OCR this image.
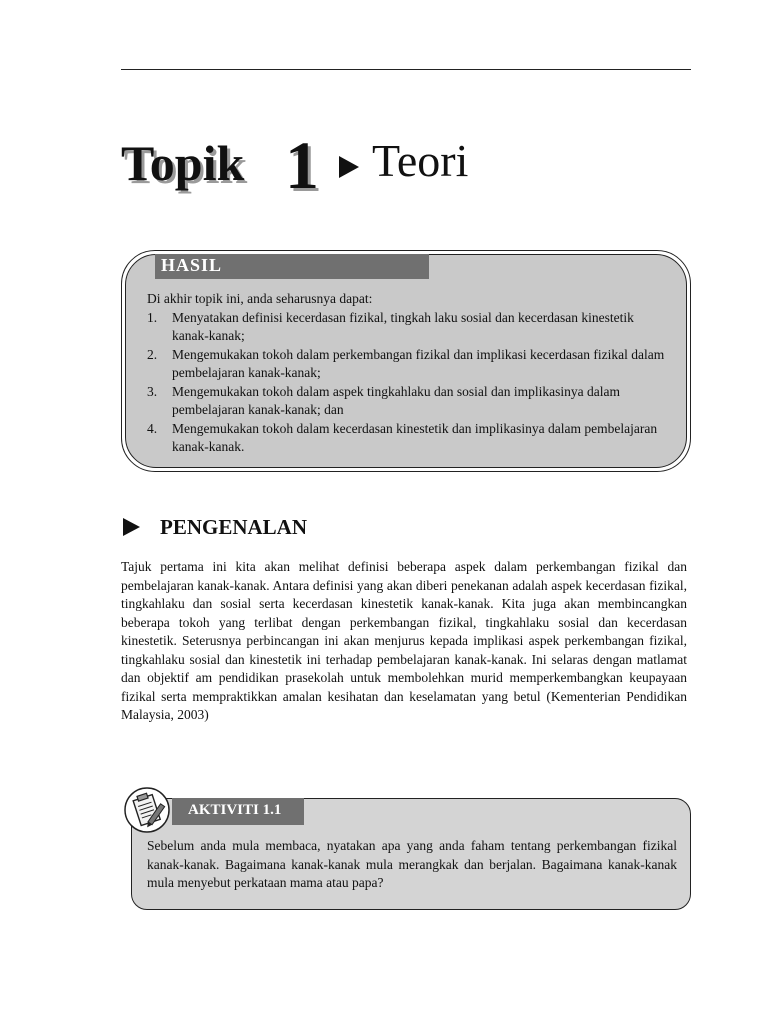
Topik 1 Teori
HASIL

Di akhir topik ini, anda seharusnya dapat:

1. Menyatakan definisi kecerdasan fizikal, tingkah laku sosial dan kecerdasan kinestetik kanak-kanak;
2. Mengemukakan tokoh dalam perkembangan fizikal dan implikasi kecerdasan fizikal dalam pembelajaran kanak-kanak;
3. Mengemukakan tokoh dalam aspek tingkahlaku dan sosial dan implikasinya dalam pembelajaran kanak-kanak; dan
4. Mengemukakan tokoh dalam kecerdasan kinestetik dan implikasinya dalam pembelajaran kanak-kanak.
PENGENALAN

Tajuk pertama ini kita akan melihat definisi beberapa aspek dalam perkembangan fizikal dan pembelajaran kanak-kanak. Antara definisi yang akan diberi penekanan adalah aspek kecerdasan fizikal, tingkahlaku dan sosial serta kecerdasan kinestetik kanak-kanak. Kita juga akan membincangkan beberapa tokoh yang terlibat dengan perkembangan fizikal, tingkahlaku sosial dan kecerdasan kinestetik. Seterusnya perbincangan ini akan menjurus kepada implikasi aspek perkembangan fizikal, tingkahlaku sosial dan kinestetik ini terhadap pembelajaran kanak-kanak. Ini selaras dengan matlamat dan objektif am pendidikan prasekolah untuk membolehkan murid memperkembangkan keupayaan fizikal serta mempraktikkan amalan kesihatan dan keselamatan yang betul (Kementerian Pendidikan Malaysia, 2003)

AKTIVITI 1.1

Sebelum anda mula membaca, nyatakan apa yang anda faham tentang perkembangan fizikal kanak-kanak. Bagaimana kanak-kanak mula merangkak dan berjalan. Bagaimana kanak-kanak mula menyebut perkataan mama atau papa?
